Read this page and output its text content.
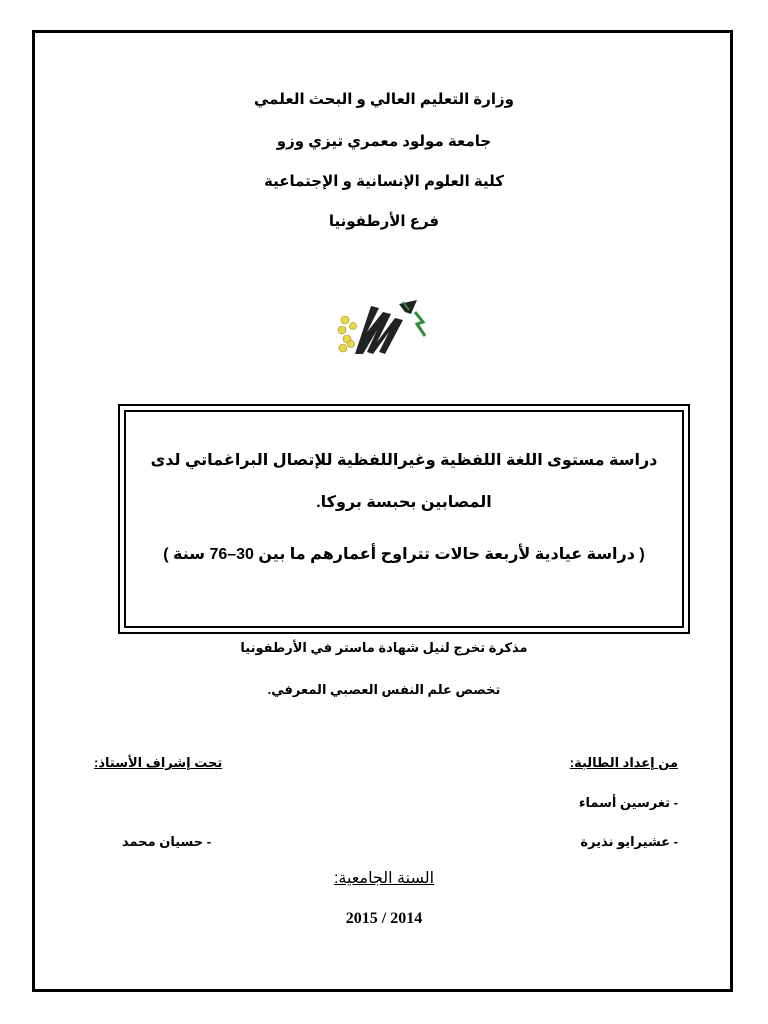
وزارة التعليم العالي و البحث العلمي
جامعة مولود معمري تيزي وزو
كلية العلوم الإنسانية و الإجتماعية
فرع الأرطفونيا
دراسة مستوى اللغة اللفظية وغيراللفظية للإتصال البراغماتي لدى
المصابين بحبسة بروكا.
( دراسة عيادية لأربعة حالات تتراوح أعمارهم ما بين 30–76 سنة )
مذكرة تخرج لنيل شهادة ماستر في الأرطفونيا
تخصص علم النفس العصبي المعرفي.
من إعداد الطالبة:
- تغرسين أسماء
- عشيرايو نذيرة
تحت إشراف الأستاذ:
- حسيان محمد
السنة الجامعية:
2015 / 2014
